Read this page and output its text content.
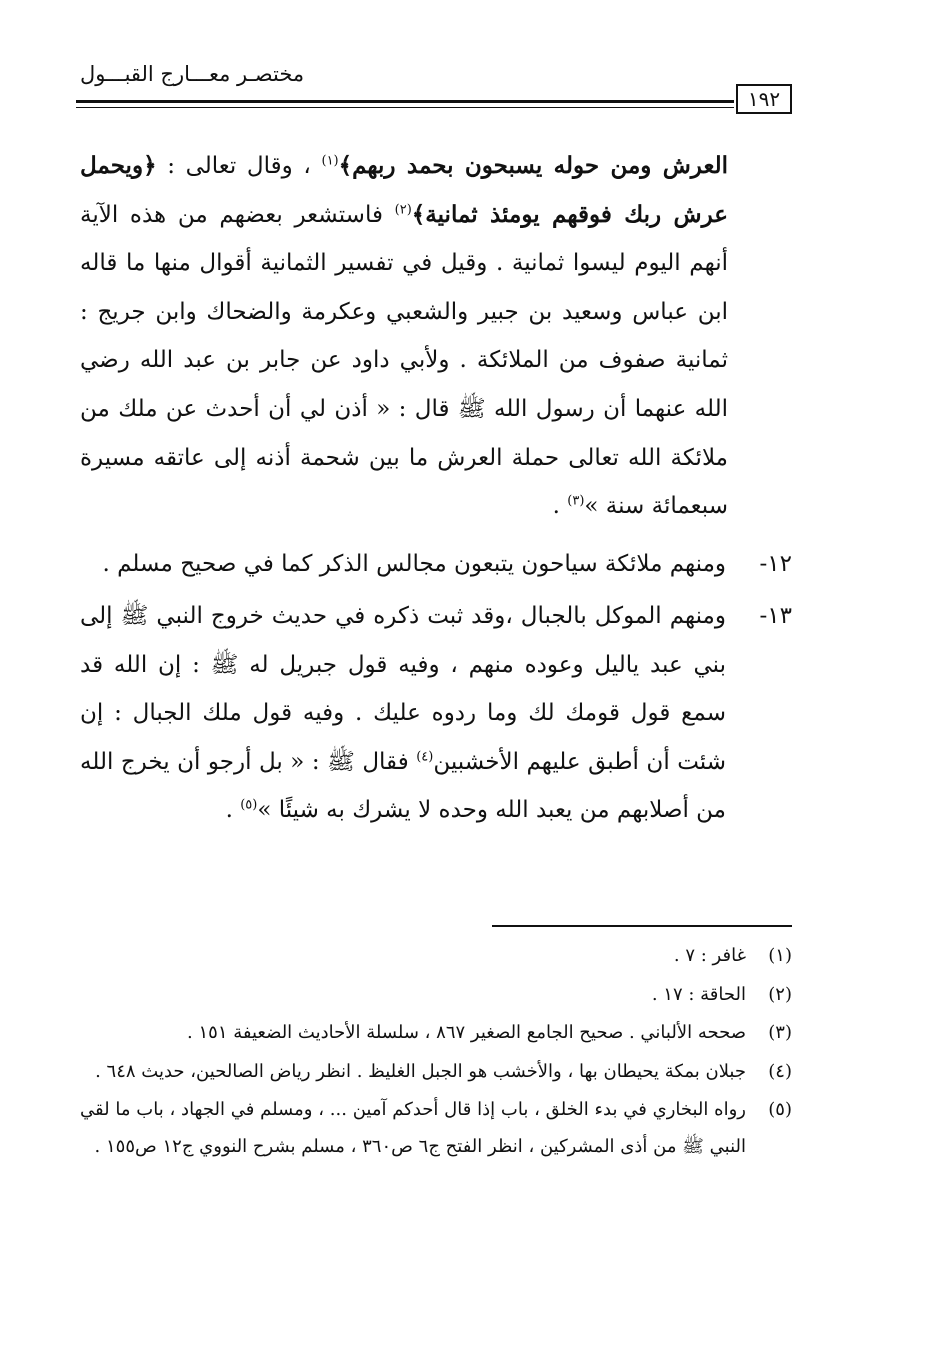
مختصـر معـــارج القبـــول
١٩٢

العرش ومن حوله يسبحون بحمد ربهم﴾$^{(١)}$ ، وقال تعالى : ﴿ويحمل عرش ربك فوقهم يومئذ ثمانية﴾$^{(٢)}$ فاستشعر بعضهم من هذه الآية أنهم اليوم ليسوا ثمانية . وقيل في تفسير الثمانية أقوال منها ما قاله ابن عباس وسعيد بن جبير والشعبي وعكرمة والضحاك وابن جريج : ثمانية صفوف من الملائكة . ولأبي داود عن جابر بن عبد الله رضي الله عنهما أن رسول الله ﷺ قال : « أذن لي أن أحدث عن ملك من ملائكة الله تعالى حملة العرش ما بين شحمة أذنه إلى عاتقه مسيرة سبعمائة سنة »$^{(٣)}$ .

١٢-
ومنهم ملائكة سياحون يتبعون مجالس الذكر كما في صحيح مسلم .
١٣-
ومنهم الموكل بالجبال ،وقد ثبت ذكره في حديث خروج النبي ﷺ إلى بني عبد ياليل وعوده منهم ، وفيه قول جبريل له ﷺ : إن الله قد سمع قول قومك لك وما ردوه عليك . وفيه قول ملك الجبال : إن شئت أن أطبق عليهم الأخشبين$^{(٤)}$ فقال ﷺ : « بل أرجو أن يخرج الله من أصلابهم من يعبد الله وحده لا يشرك به شيئًا »$^{(٥)}$ .
(١)
غافر : ٧ .
(٢)
الحاقة : ١٧ .
(٣)
صححه الألباني . صحيح الجامع الصغير ٨٦٧ ، سلسلة الأحاديث الضعيفة ١٥١ .
(٤)
جبلان بمكة يحيطان بها ، والأخشب هو الجبل الغليظ . انظر رياض الصالحين، حديث ٦٤٨ .
(٥)
رواه البخاري في بدء الخلق ، باب إذا قال أحدكم آمين ... ، ومسلم في الجهاد ، باب ما لقي النبي ﷺ من أذى المشركين ، انظر الفتح ج٦ ص٣٦٠ ، مسلم بشرح النووي ج١٢ ص١٥٥ .
